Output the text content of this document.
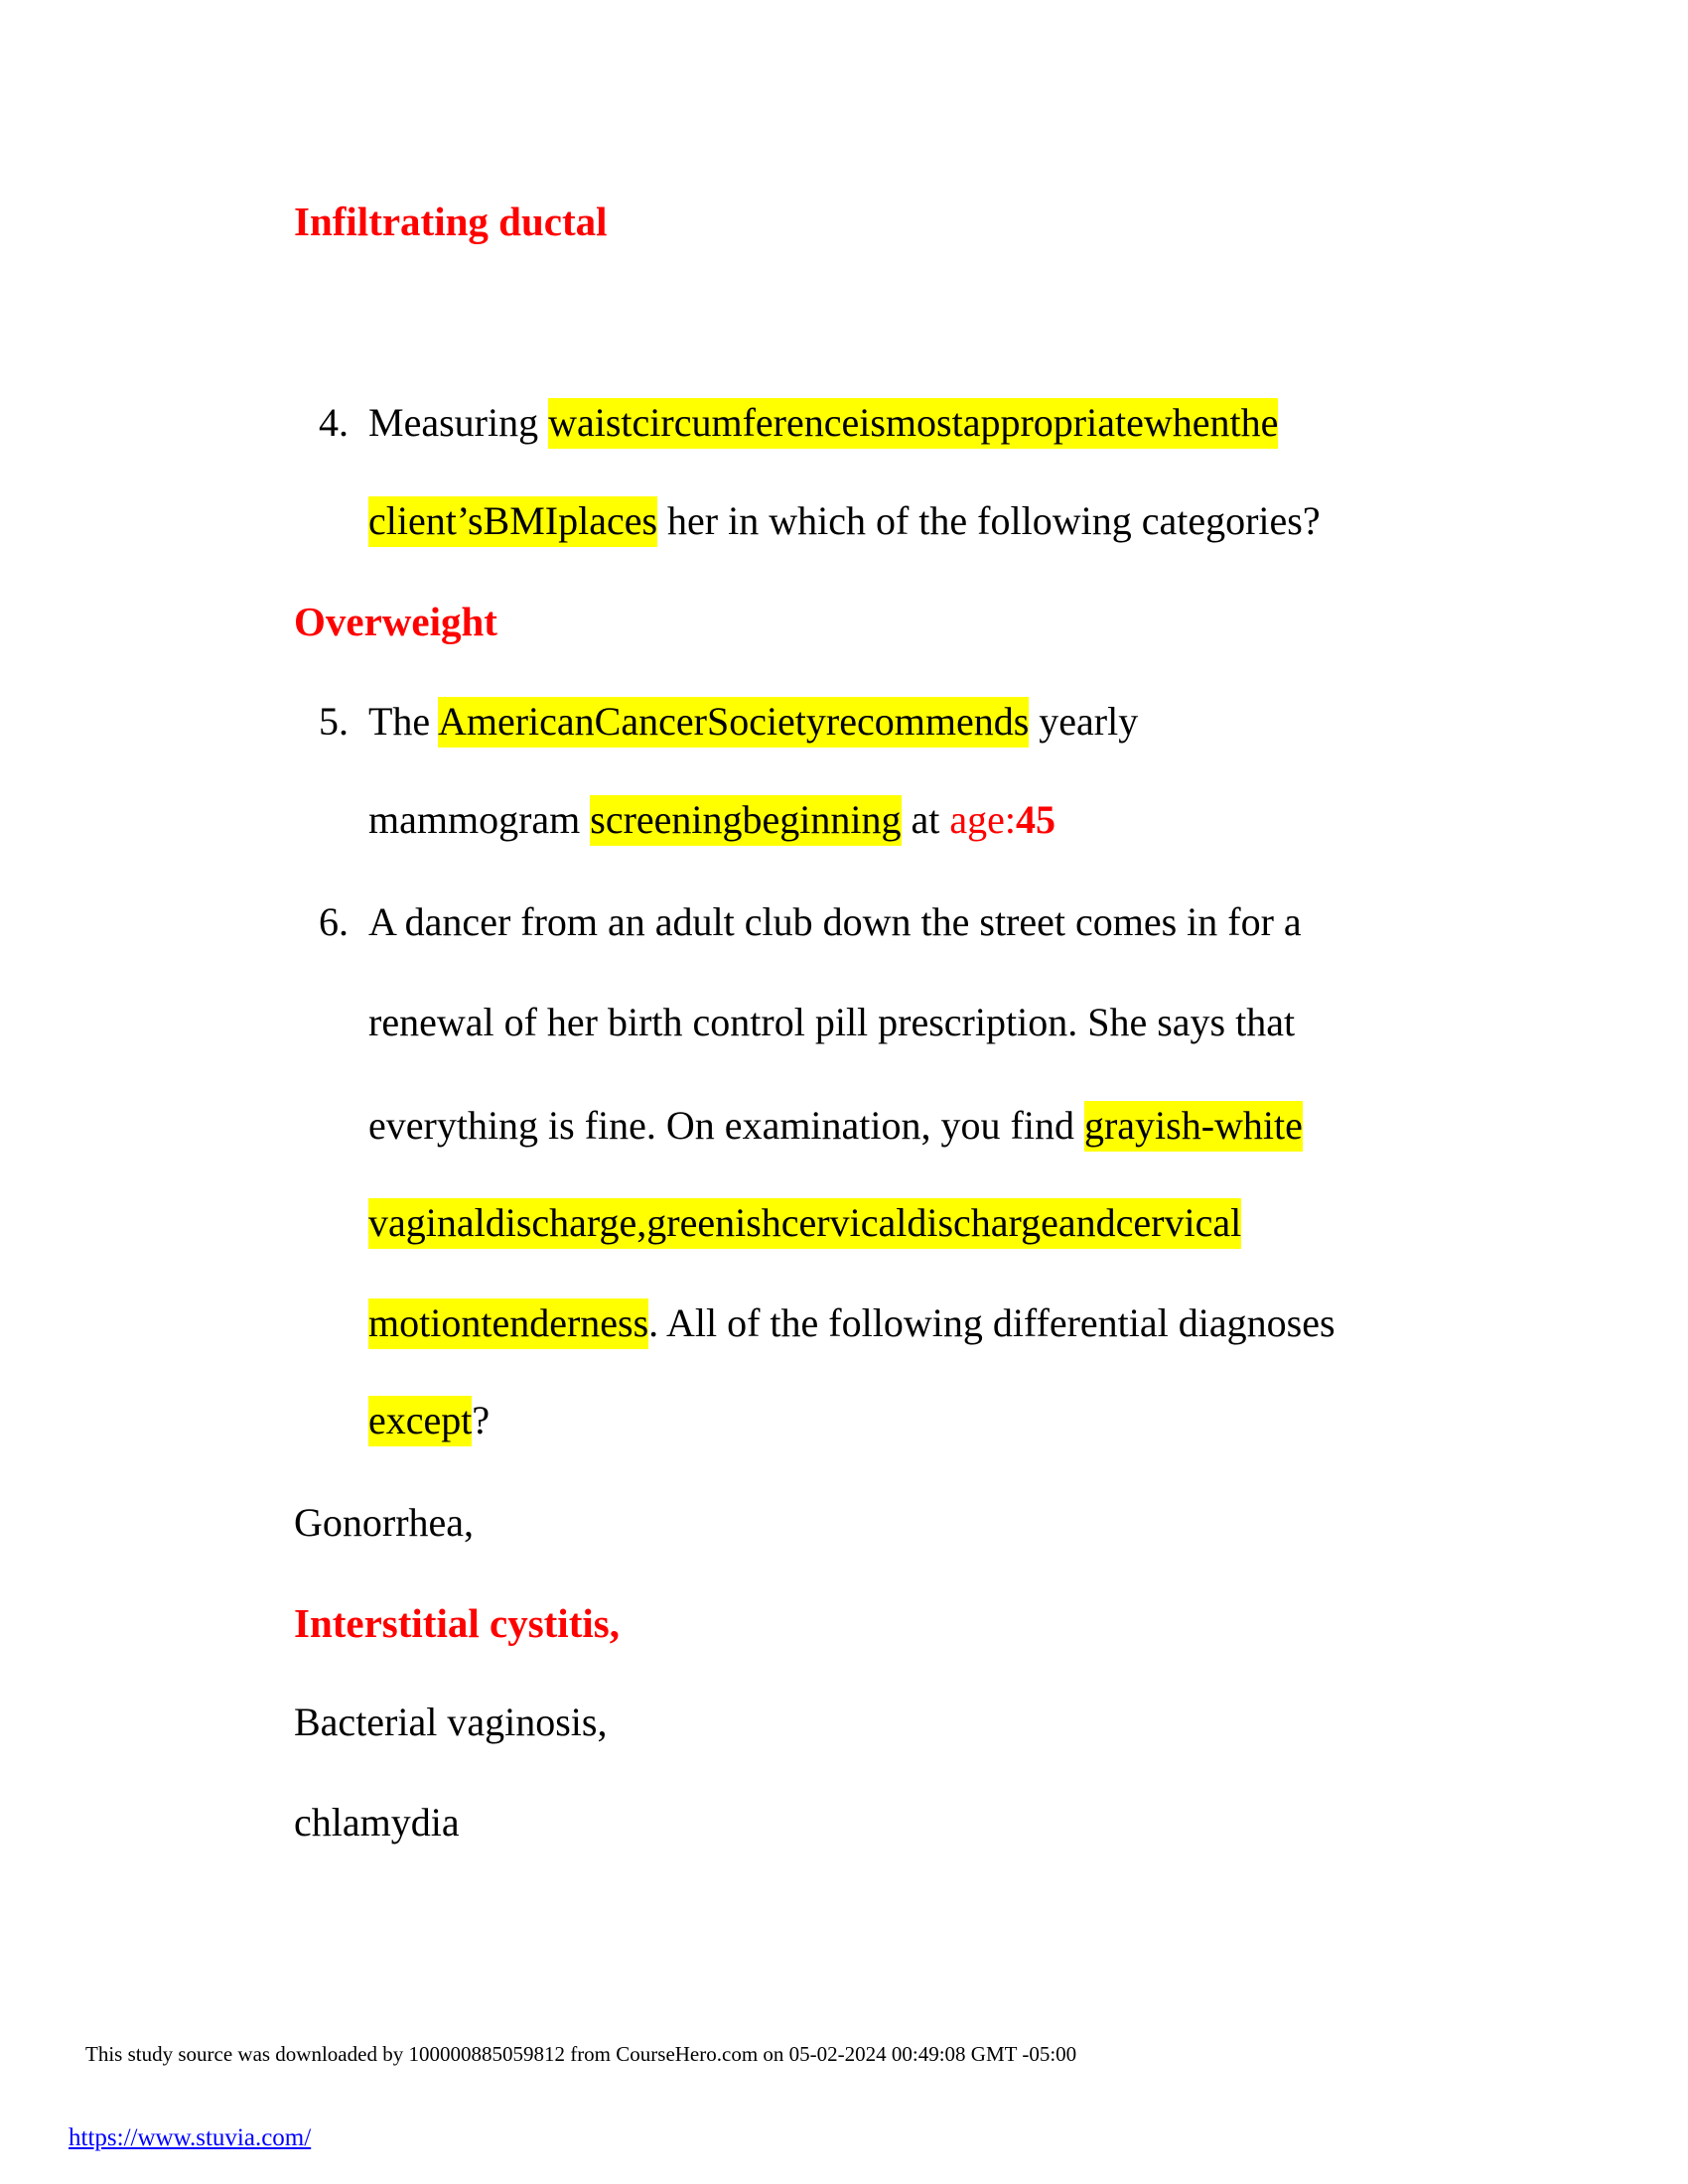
Infiltrating ductal
4. Measuring waistcircumferenceismostappropriatewhenthe
client’sBMIplaces her in which of the following categories?
Overweight
5. The AmericanCancerSocietyrecommends yearly
mammogram screeningbeginning at age:45
6. A dancer from an adult club down the street comes in for a
renewal of her birth control pill prescription. She says that
everything is fine. On examination, you find grayish-white
vaginaldischarge,greenishcervicaldischargeandcervical
motiontenderness. All of the following differential diagnoses
except?
Gonorrhea,
Interstitial cystitis,
Bacterial vaginosis,
chlamydia
This study source was downloaded by 100000885059812 from CourseHero.com on 05-02-2024 00:49:08 GMT -05:00
https://www.stuvia.com/
